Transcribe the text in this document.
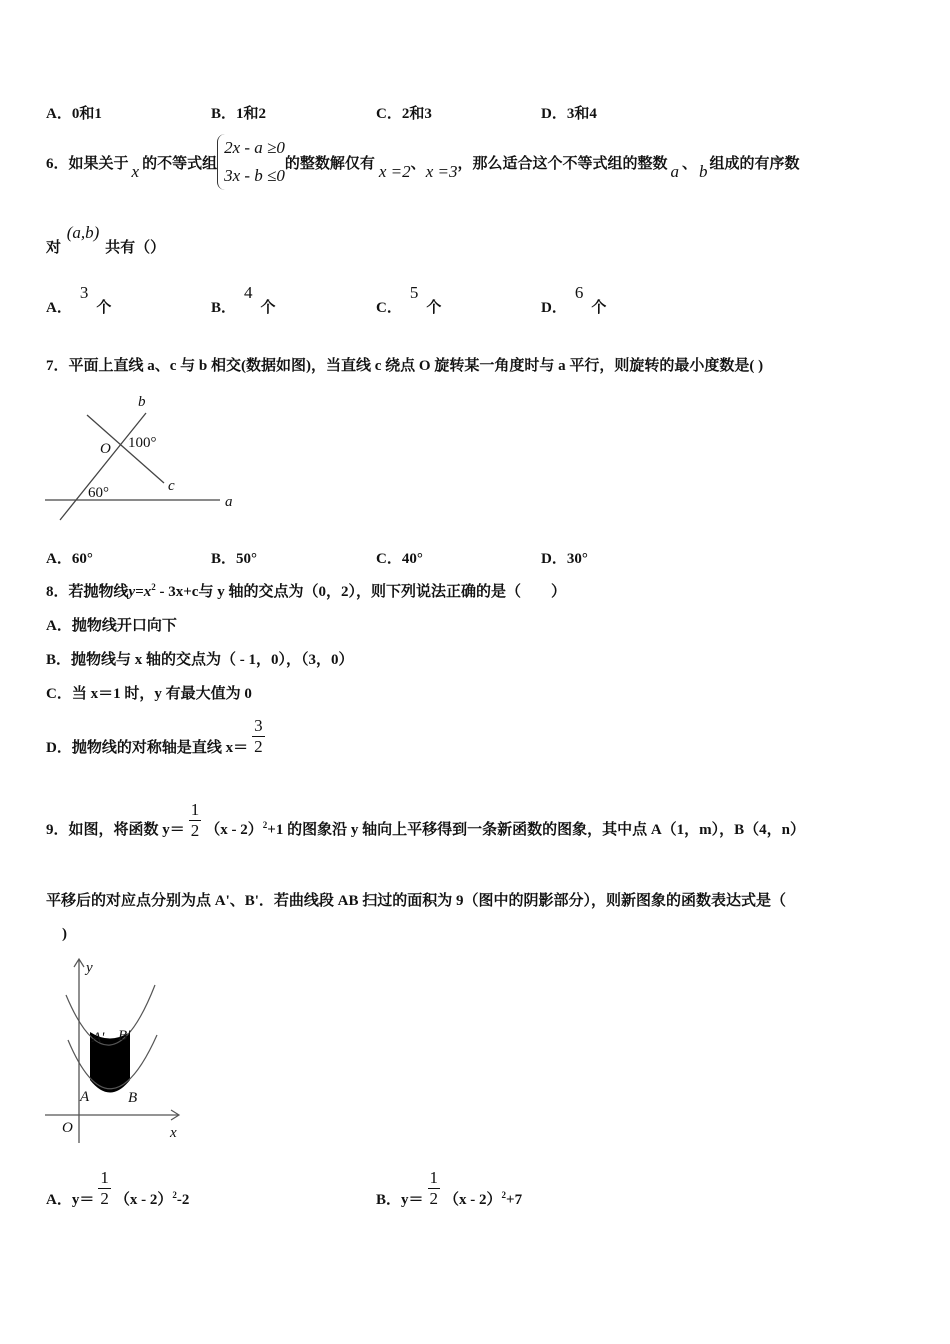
A．0和1	B．1和2	C．2和3	D．3和4
6．如果关于 x 的不等式组
2x - a ≥0
3x - b ≤0
的整数解仅有 x =2 、 x =3 ，那么适合这个不等式组的整数 a 、 b 组成的有序数
对 (a,b) 共有（）
A．3个	B．4个	C．5个	D．6个
7．平面上直线 a、c 与 b 相交(数据如图)，当直线 c 绕点 O 旋转某一角度时与 a 平行，则旋转的最小度数是( )
a
b
c
O 100°
60°
A．60°	B．50°	C．40°	D．30°
8．若抛物线$y=x^2 - 3x+c$与 y 轴的交点为（0，2），则下列说法正确的是（　　）
A．抛物线开口向下
B．抛物线与 x 轴的交点为（ - 1，0），（3，0）
C．当 x＝1 时，y 有最大值为 0
D．抛物线的对称轴是直线 $x= \frac{3}{2}$
9．如图，将函数 $y= \frac{1}{2} (x - 2)^2+1$ 的图象沿 y 轴向上平移得到一条新函数的图象，其中点 A（1，m），B（4，n）
平移后的对应点分别为点 A'、B'．若曲线段 AB 扫过的面积为 9（图中的阴影部分），则新图象的函数表达式是（
)
y
x
O
A	B
A' B'
A．$y= \frac{1}{2} (x - 2)^2-2$	B．$y= \frac{1}{2} (x - 2)^2+7$
